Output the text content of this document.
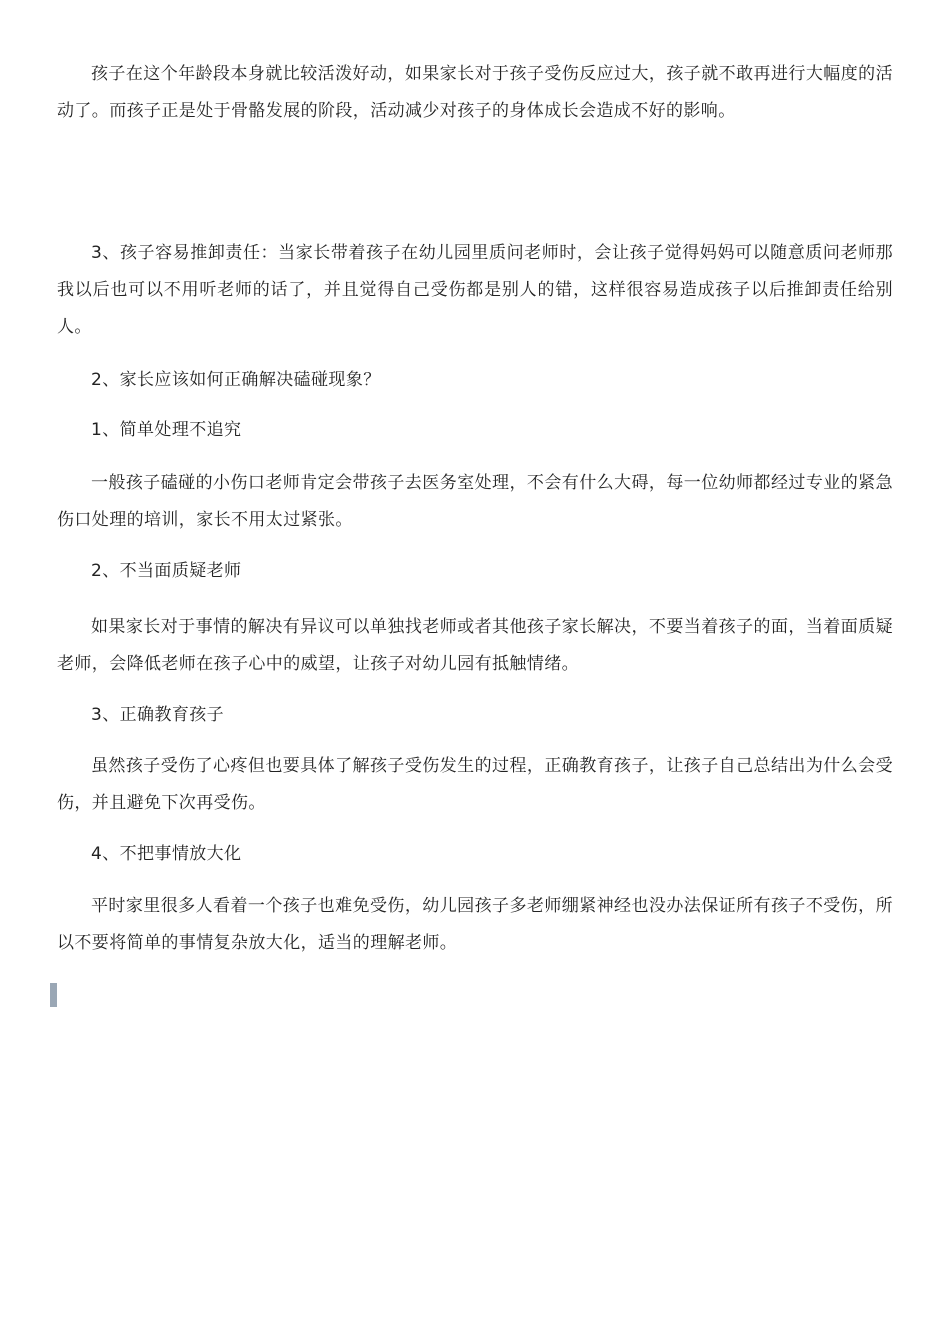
孩子在这个年龄段本身就比较活泼好动，如果家长对于孩子受伤反应过大，孩子就不敢再进行大幅度的活动了。而孩子正是处于骨骼发展的阶段，活动减少对孩子的身体成长会造成不好的影响。

3、孩子容易推卸责任：当家长带着孩子在幼儿园里质问老师时，会让孩子觉得妈妈可以随意质问老师那我以后也可以不用听老师的话了，并且觉得自己受伤都是别人的错，这样很容易造成孩子以后推卸责任给别人。

2、家长应该如何正确解决磕碰现象？

1、简单处理不追究

一般孩子磕碰的小伤口老师肯定会带孩子去医务室处理，不会有什么大碍，每一位幼师都经过专业的紧急伤口处理的培训，家长不用太过紧张。

2、不当面质疑老师

如果家长对于事情的解决有异议可以单独找老师或者其他孩子家长解决，不要当着孩子的面，当着面质疑老师，会降低老师在孩子心中的威望，让孩子对幼儿园有抵触情绪。

3、正确教育孩子

虽然孩子受伤了心疼但也要具体了解孩子受伤发生的过程，正确教育孩子，让孩子自己总结出为什么会受伤，并且避免下次再受伤。

4、不把事情放大化

平时家里很多人看着一个孩子也难免受伤，幼儿园孩子多老师绷紧神经也没办法保证所有孩子不受伤，所以不要将简单的事情复杂放大化，适当的理解老师。
